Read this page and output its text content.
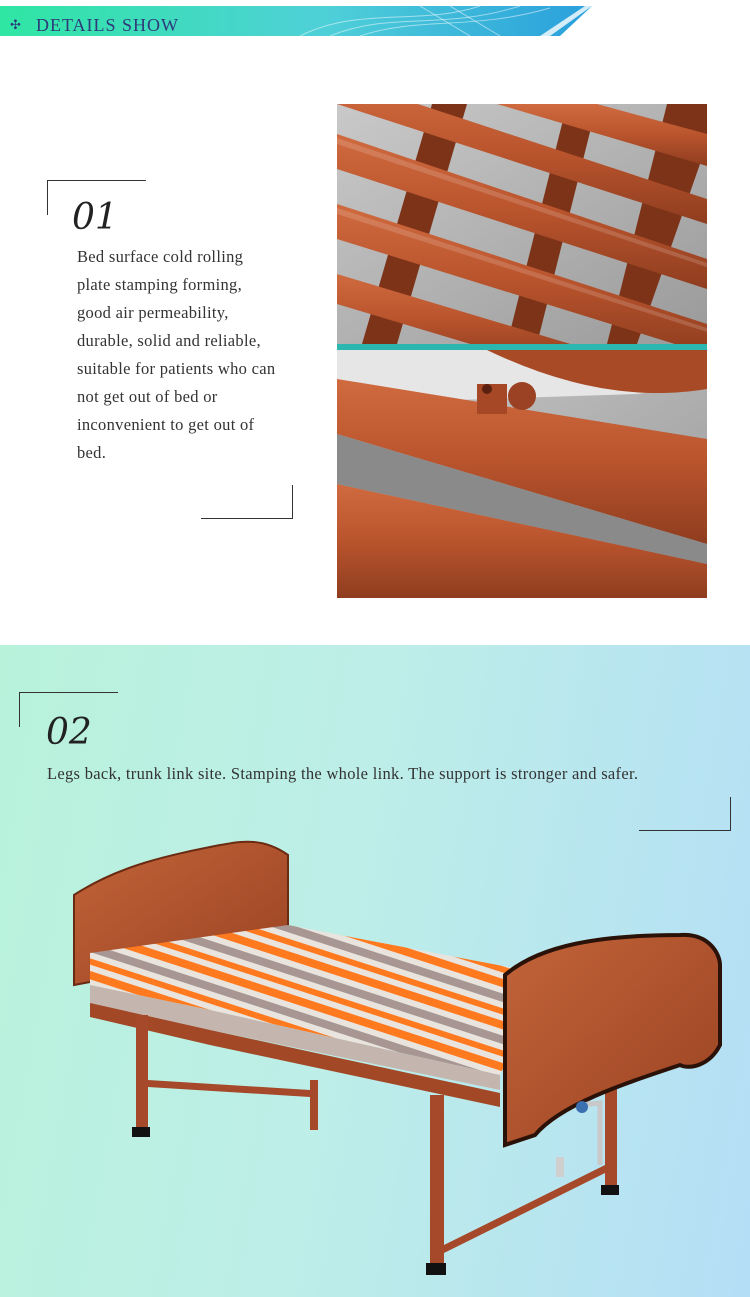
✣ DETAILS SHOW
01
Bed surface cold rolling plate stamping forming, good air permeability, durable, solid and reliable, suitable for patients who can not get out of bed or inconvenient to get out of bed.
02
Legs back, trunk link site. Stamping the whole link. The support is stronger and safer.
